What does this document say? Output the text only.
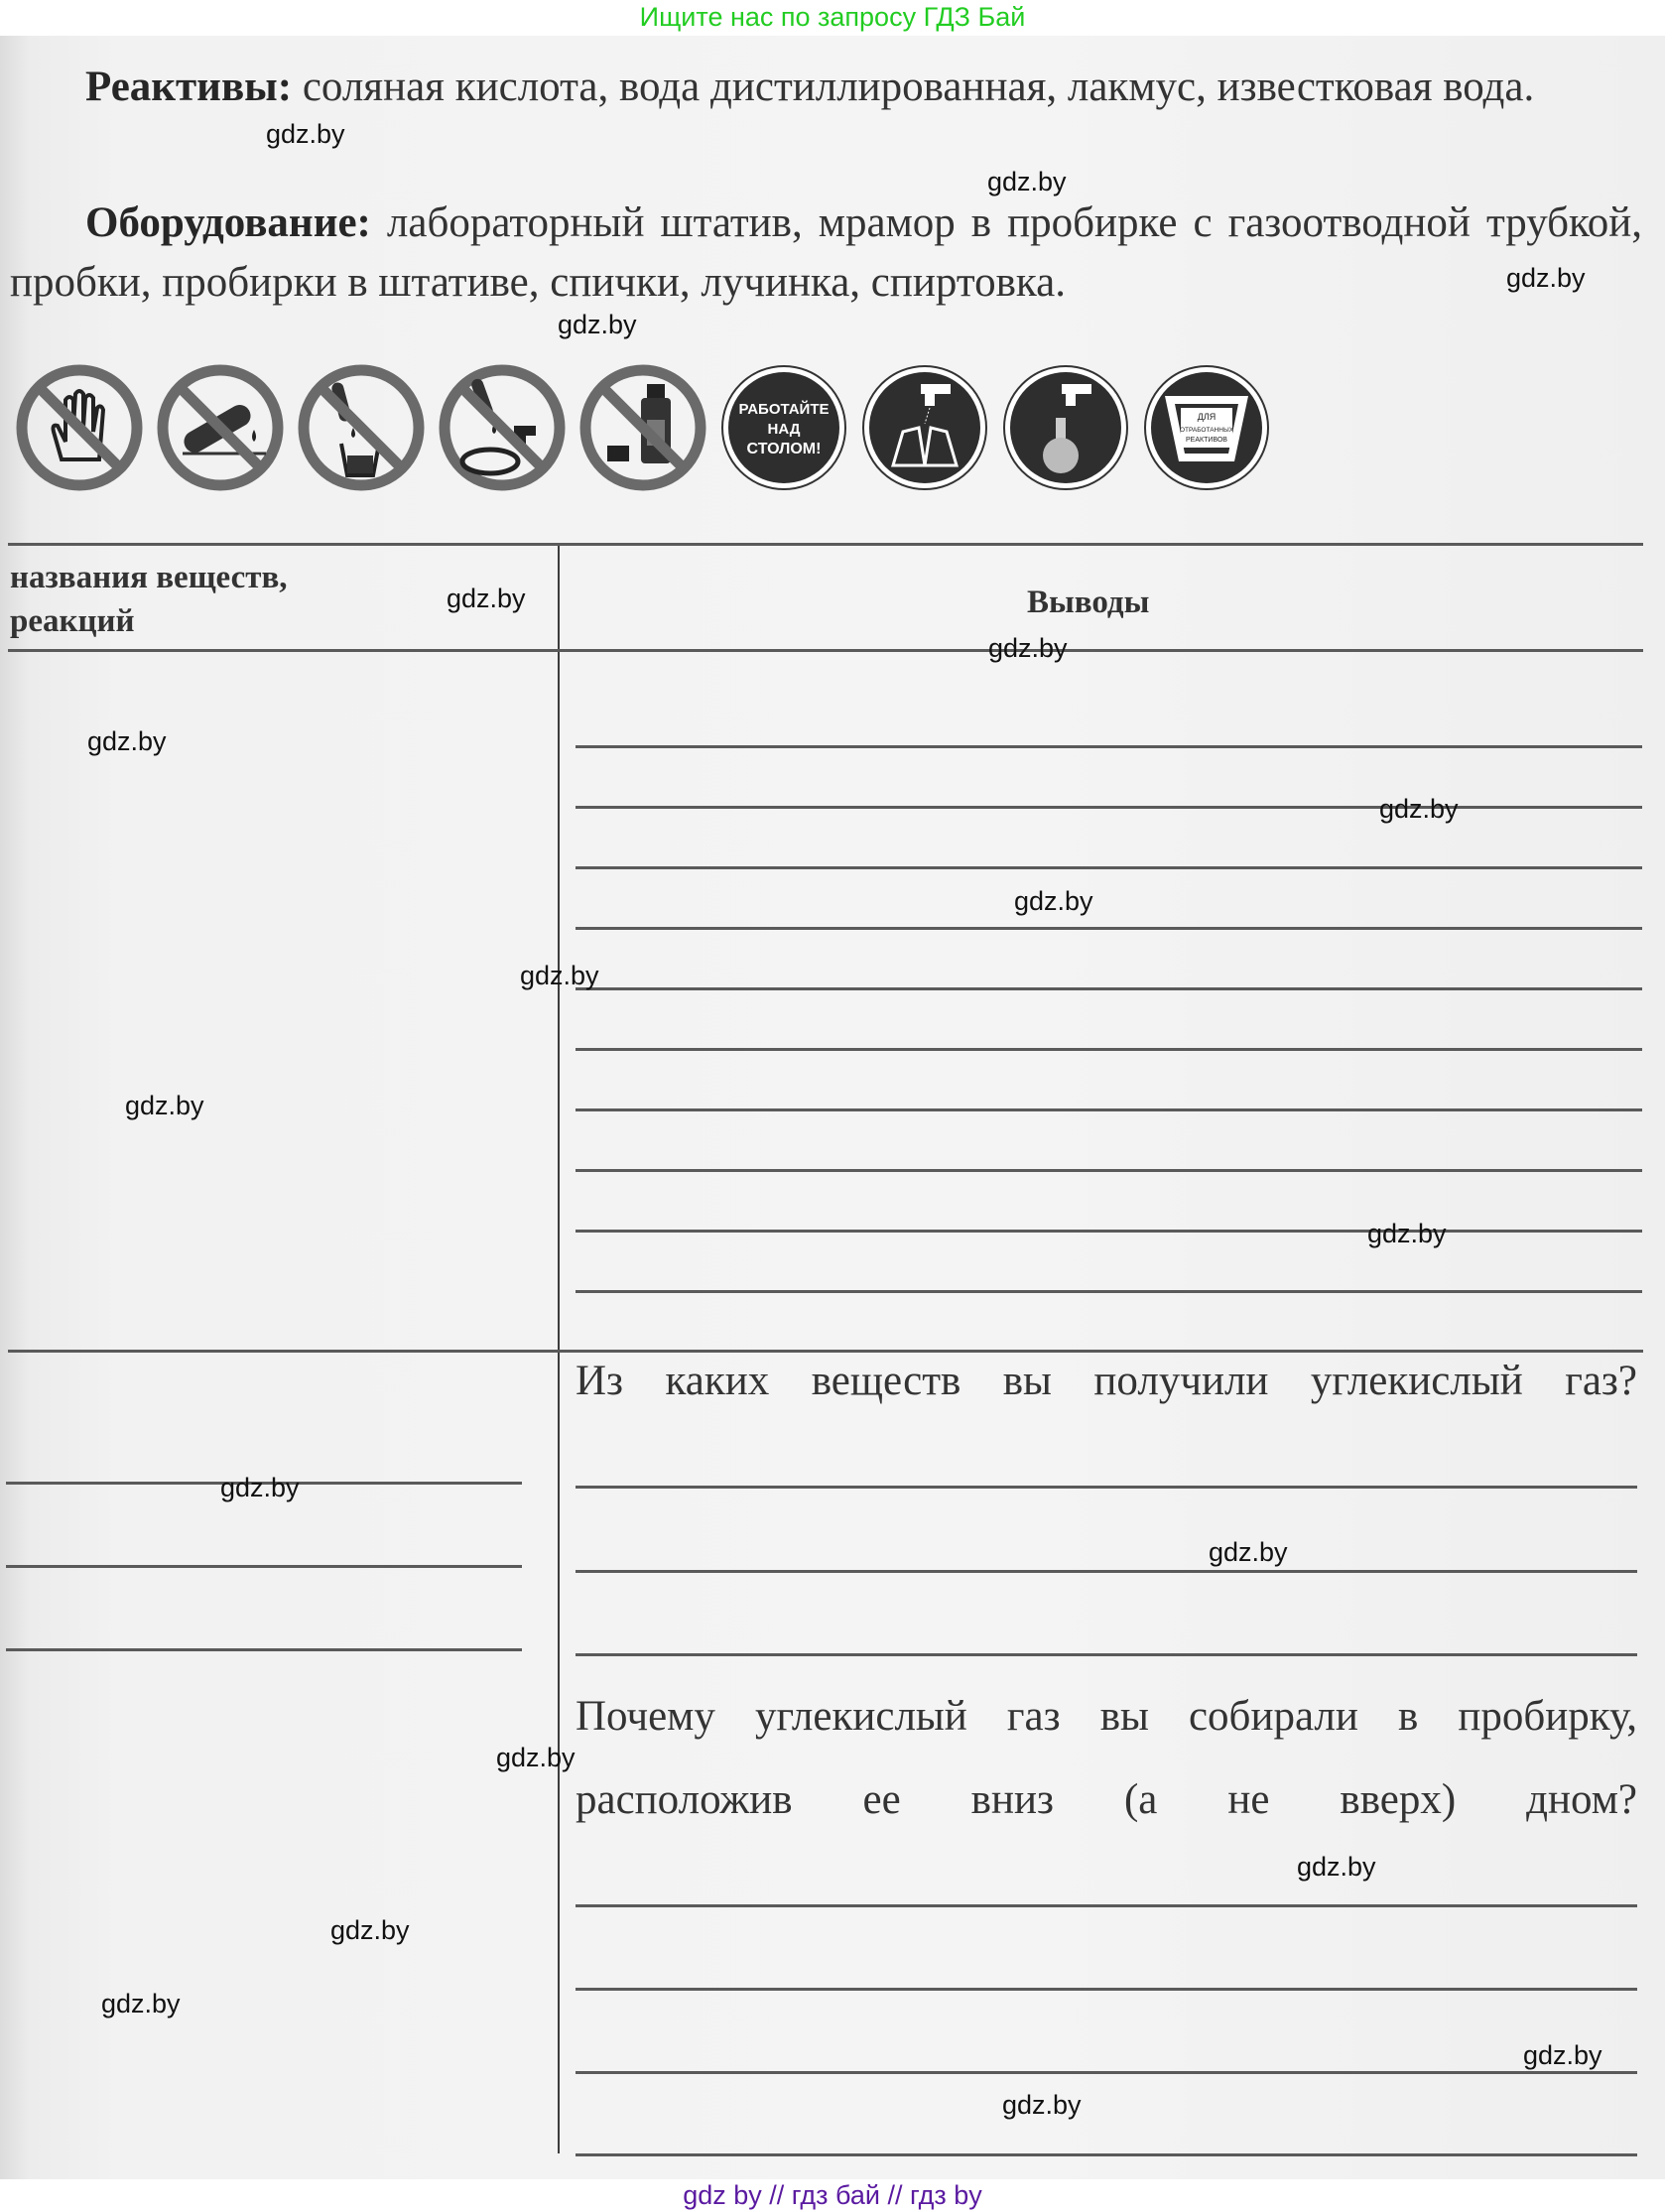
Ищите нас по запросу ГДЗ Бай
Реактивы: соляная кислота, вода дистиллированная, лакмус, известковая вода.
Оборудование: лабораторный штатив, мрамор в пробирке с газоотводной трубкой, пробки, пробирки в штативе, спички, лучинка, спиртовка.
РАБОТАЙТЕ
НАД
СТОЛОМ!
ДЛЯ
ОТРАБОТАННЫХ
РЕАКТИВОВ
названия веществ,
реакций
Выводы
Из каких веществ вы получили углекислый газ?
Почему углекислый газ вы собирали в пробирку,
расположив ее вниз (а не вверх) дном?
gdz.by
gdz.by
gdz.by
gdz.by
gdz.by
gdz.by
gdz.by
gdz.by
gdz.by
gdz.by
gdz.by
gdz.by
gdz.by
gdz.by
gdz.by
gdz.by
gdz.by
gdz.by
gdz.by
gdz.by
gdz by // гдз бай // гдз by
